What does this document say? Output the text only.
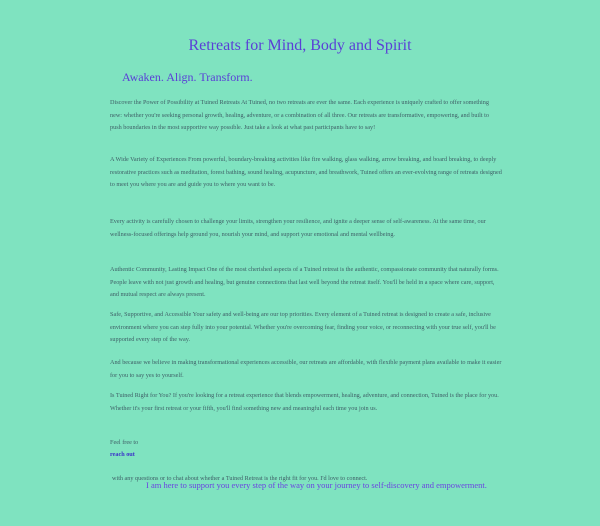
Retreats for Mind, Body and Spirit
Awaken. Align. Transform.

Discover the Power of Possibility at Tuined Retreats At Tuined, no two retreats are ever the same. Each experience is uniquely crafted to offer something new: whether you're seeking personal growth, healing, adventure, or a combination of all three. Our retreats are transformative, empowering, and built to push boundaries in the most supportive way possible. Just take a look at what past participants have to say!

A Wide Variety of Experiences From powerful, boundary-breaking activities like fire walking, glass walking, arrow breaking, and board breaking, to deeply restorative practices such as meditation, forest bathing, sound healing, acupuncture, and breathwork, Tuined offers an ever-evolving range of retreats designed to meet you where you are and guide you to where you want to be.

Every activity is carefully chosen to challenge your limits, strengthen your resilience, and ignite a deeper sense of self-awareness. At the same time, our wellness-focused offerings help ground you, nourish your mind, and support your emotional and mental wellbeing.

Authentic Community, Lasting Impact One of the most cherished aspects of a Tuined retreat is the authentic, compassionate community that naturally forms. People leave with not just growth and healing, but genuine connections that last well beyond the retreat itself. You'll be held in a space where care, support, and mutual respect are always present.

Safe, Supportive, and Accessible Your safety and well-being are our top priorities. Every element of a Tuined retreat is designed to create a safe, inclusive environment where you can step fully into your potential. Whether you're overcoming fear, finding your voice, or reconnecting with your true self, you'll be supported every step of the way.

And because we believe in making transformational experiences accessible, our retreats are affordable, with flexible payment plans available to make it easier for you to say yes to yourself.

Is Tuined Right for You? If you're looking for a retreat experience that blends empowerment, healing, adventure, and connection, Tuined is the place for you. Whether it's your first retreat or your fifth, you'll find something new and meaningful each time you join us.

Feel free to
reach out
with any questions or to chat about whether a Tuined Retreat is the right fit for you. I'd love to connect.
I am here to support you every step of the way on your journey to self-discovery and empowerment.
